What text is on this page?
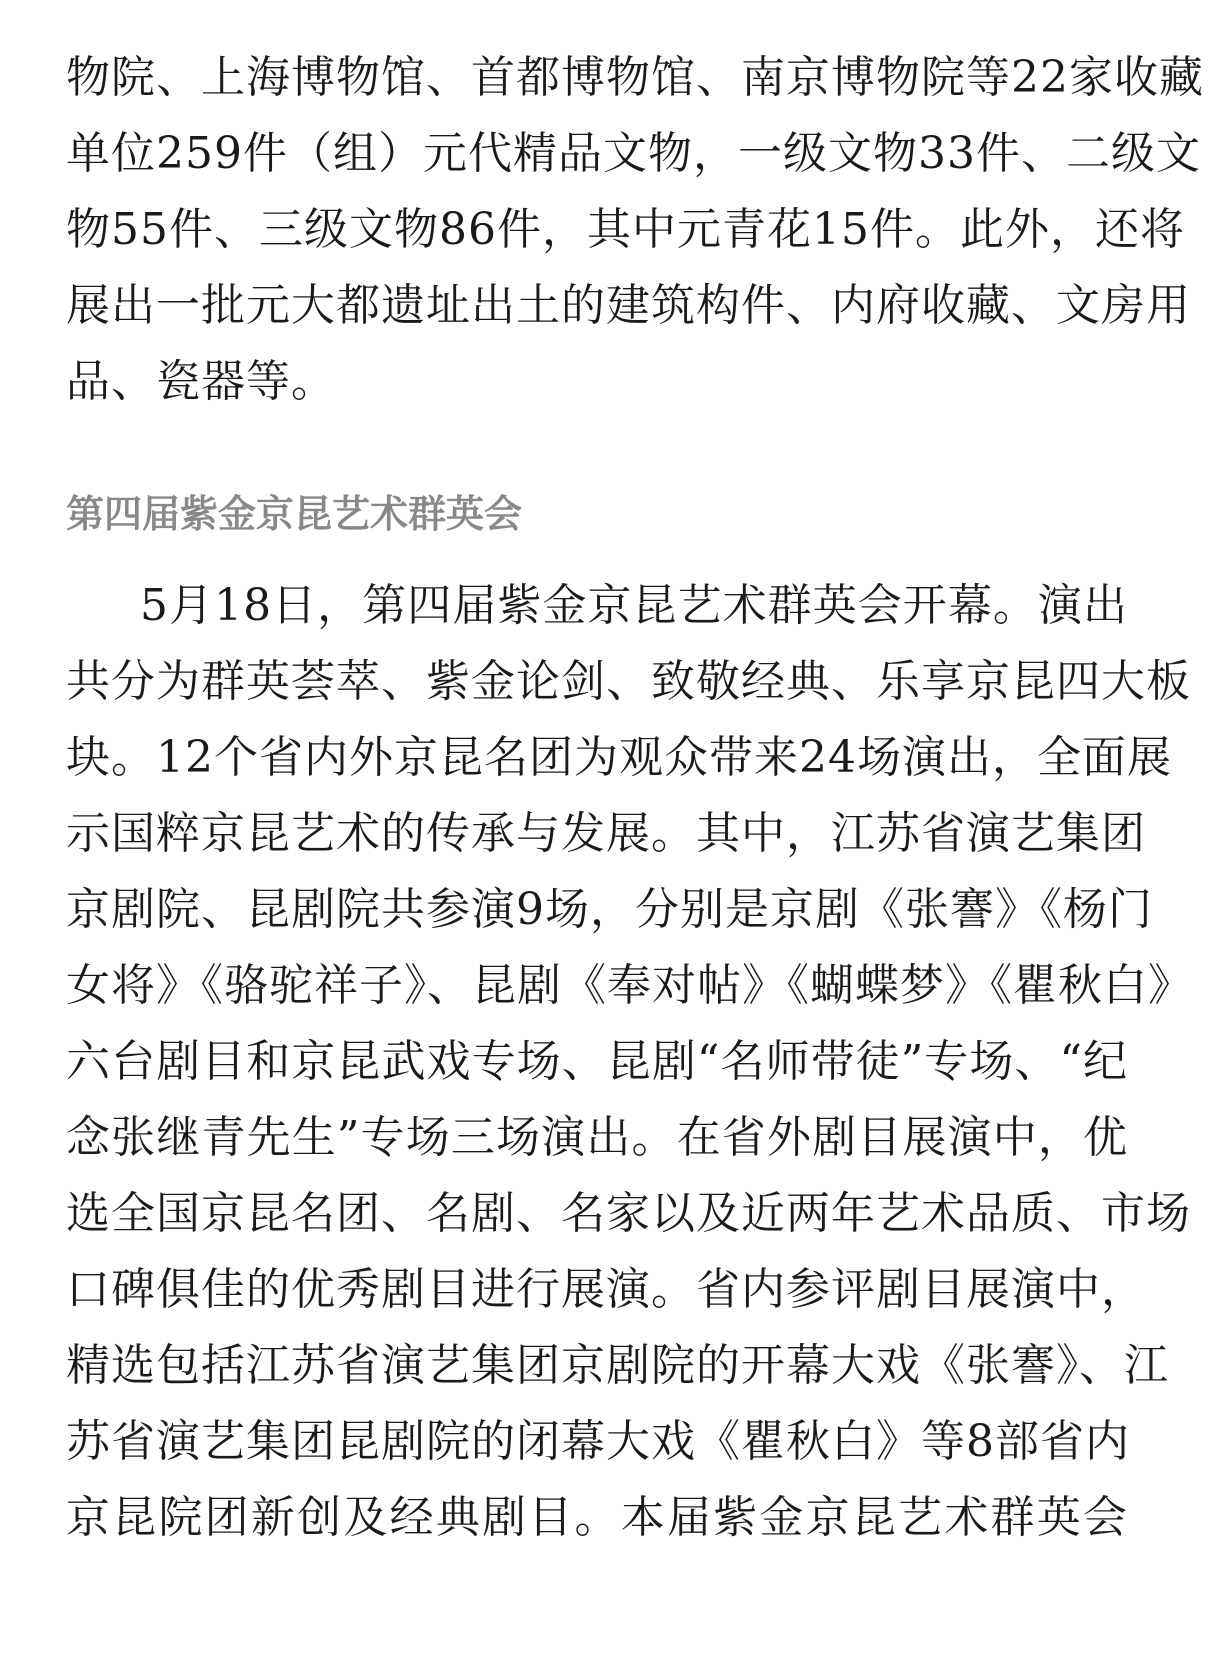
物院、上海博物馆、首都博物馆、南京博物院等22家收藏
单位259件（组）元代精品文物，一级文物33件、二级文
物55件、三级文物86件，其中元青花15件。此外，还将
展出一批元大都遗址出土的建筑构件、内府收藏、文房用
品、瓷器等。
第四届紫金京昆艺术群英会
5月18日，第四届紫金京昆艺术群英会开幕。演出
共分为群英荟萃、紫金论剑、致敬经典、乐享京昆四大板
块。12个省内外京昆名团为观众带来24场演出，全面展
示国粹京昆艺术的传承与发展。其中，江苏省演艺集团
京剧院、昆剧院共参演9场，分别是京剧《张謇》《杨门
女将》《骆驼祥子》、昆剧《奉对帖》《蝴蝶梦》《瞿秋白》
六台剧目和京昆武戏专场、昆剧“名师带徒”专场、“纪
念张继青先生”专场三场演出。在省外剧目展演中，优
选全国京昆名团、名剧、名家以及近两年艺术品质、市场
口碑俱佳的优秀剧目进行展演。省内参评剧目展演中，
精选包括江苏省演艺集团京剧院的开幕大戏《张謇》、江
苏省演艺集团昆剧院的闭幕大戏《瞿秋白》等8部省内
京昆院团新创及经典剧目。本届紫金京昆艺术群英会
